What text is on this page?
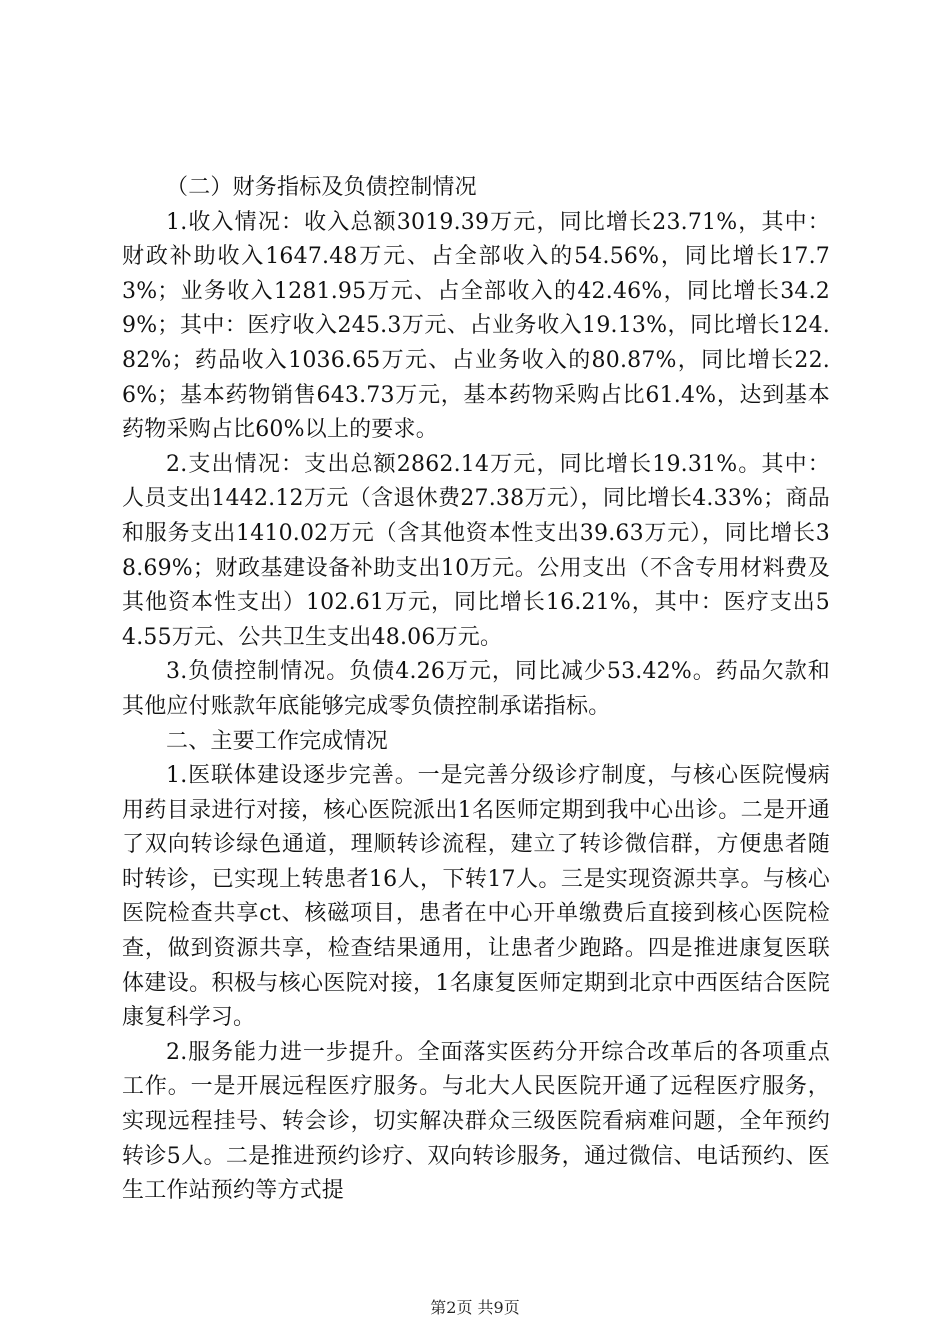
（二）财务指标及负债控制情况

1.收入情况：收入总额3019.39万元，同比增长23.71%，其中：财政补助收入1647.48万元、占全部收入的54.56%，同比增长17.73%；业务收入1281.95万元、占全部收入的42.46%，同比增长34.29%；其中：医疗收入245.3万元、占业务收入19.13%，同比增长124.82%；药品收入1036.65万元、占业务收入的80.87%，同比增长22.6%；基本药物销售643.73万元，基本药物采购占比61.4%，达到基本药物采购占比60%以上的要求。

2.支出情况：支出总额2862.14万元，同比增长19.31%。其中：人员支出1442.12万元（含退休费27.38万元），同比增长4.33%；商品和服务支出1410.02万元（含其他资本性支出39.63万元），同比增长38.69%；财政基建设备补助支出10万元。公用支出（不含专用材料费及其他资本性支出）102.61万元，同比增长16.21%，其中：医疗支出54.55万元、公共卫生支出48.06万元。

3.负债控制情况。负债4.26万元，同比减少53.42%。药品欠款和其他应付账款年底能够完成零负债控制承诺指标。

二、主要工作完成情况

1.医联体建设逐步完善。一是完善分级诊疗制度，与核心医院慢病用药目录进行对接，核心医院派出1名医师定期到我中心出诊。二是开通了双向转诊绿色通道，理顺转诊流程，建立了转诊微信群，方便患者随时转诊，已实现上转患者16人，下转17人。三是实现资源共享。与核心医院检查共享ct、核磁项目，患者在中心开单缴费后直接到核心医院检查，做到资源共享，检查结果通用，让患者少跑路。四是推进康复医联体建设。积极与核心医院对接，1名康复医师定期到北京中西医结合医院康复科学习。

2.服务能力进一步提升。全面落实医药分开综合改革后的各项重点工作。一是开展远程医疗服务。与北大人民医院开通了远程医疗服务，实现远程挂号、转会诊，切实解决群众三级医院看病难问题，全年预约转诊5人。二是推进预约诊疗、双向转诊服务，通过微信、电话预约、医生工作站预约等方式提

第2页 共9页
